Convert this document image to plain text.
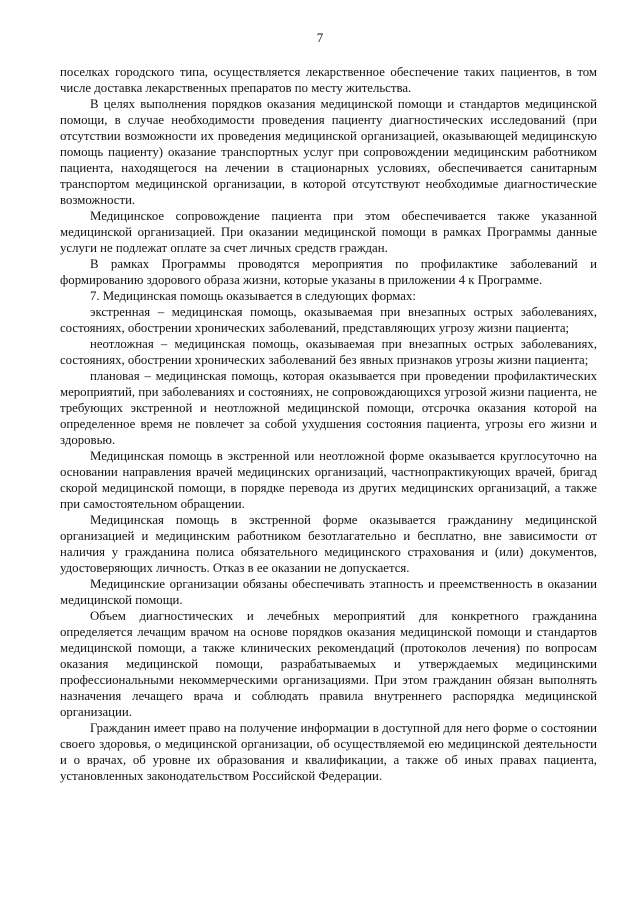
7

поселках городского типа, осуществляется лекарственное обеспечение таких пациентов, в том числе доставка лекарственных препаратов по месту жительства.

В целях выполнения порядков оказания медицинской помощи и стандартов медицинской помощи, в случае необходимости проведения пациенту диагностических исследований (при отсутствии возможности их проведения медицинской организацией, оказывающей медицинскую помощь пациенту) оказание транспортных услуг при сопровождении медицинским работником пациента, находящегося на лечении в стационарных условиях, обеспечивается санитарным транспортом медицинской организации, в которой отсутствуют необходимые диагностические возможности.

Медицинское сопровождение пациента при этом обеспечивается также указанной медицинской организацией. При оказании медицинской помощи в рамках Программы данные услуги не подлежат оплате за счет личных средств граждан.

В рамках Программы проводятся мероприятия по профилактике заболеваний и формированию здорового образа жизни, которые указаны в приложении 4 к Программе.

7. Медицинская помощь оказывается в следующих формах:

экстренная – медицинская помощь, оказываемая при внезапных острых заболеваниях, состояниях, обострении хронических заболеваний, представляющих угрозу жизни пациента;

неотложная – медицинская помощь, оказываемая при внезапных острых заболеваниях, состояниях, обострении хронических заболеваний без явных признаков угрозы жизни пациента;

плановая – медицинская помощь, которая оказывается при проведении профилактических мероприятий, при заболеваниях и состояниях, не сопровождающихся угрозой жизни пациента, не требующих экстренной и неотложной медицинской помощи, отсрочка оказания которой на определенное время не повлечет за собой ухудшения состояния пациента, угрозы его жизни и здоровью.

Медицинская помощь в экстренной или неотложной форме оказывается круглосуточно на основании направления врачей медицинских организаций, частнопрактикующих врачей, бригад скорой медицинской помощи, в порядке перевода из других медицинских организаций, а также при самостоятельном обращении.

Медицинская помощь в экстренной форме оказывается гражданину медицинской организацией и медицинским работником безотлагательно и бесплатно, вне зависимости от наличия у гражданина полиса обязательного медицинского страхования и (или) документов, удостоверяющих личность. Отказ в ее оказании не допускается.

Медицинские организации обязаны обеспечивать этапность и преемственность в оказании медицинской помощи.

Объем диагностических и лечебных мероприятий для конкретного гражданина определяется лечащим врачом на основе порядков оказания медицинской помощи и стандартов медицинской помощи, а также клинических рекомендаций (протоколов лечения) по вопросам оказания медицинской помощи, разрабатываемых и утверждаемых медицинскими профессиональными некоммерческими организациями. При этом гражданин обязан выполнять назначения лечащего врача и соблюдать правила внутреннего распорядка медицинской организации.

Гражданин имеет право на получение информации в доступной для него форме о состоянии своего здоровья, о медицинской организации, об осуществляемой ею медицинской деятельности и о врачах, об уровне их образования и квалификации, а также об иных правах пациента, установленных законодательством Российской Федерации.
